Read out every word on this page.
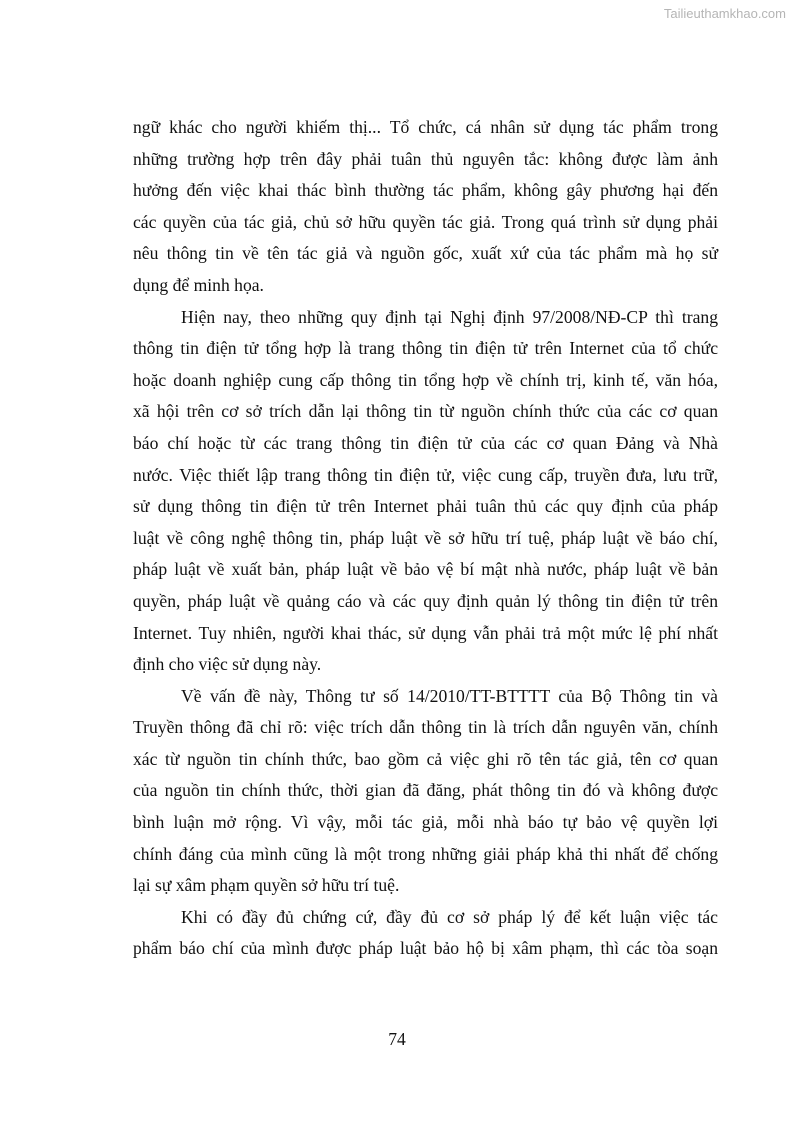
Tailieuthamkhao.com

ngữ khác cho người khiếm thị... Tổ chức, cá nhân sử dụng tác phẩm trong
những trường hợp trên đây phải tuân thủ nguyên tắc: không được làm ảnh
hưởng đến việc khai thác bình thường tác phẩm, không gây phương hại đến
các quyền của tác giả, chủ sở hữu quyền tác giả. Trong quá trình sử dụng phải
nêu thông tin về tên tác giả và nguồn gốc, xuất xứ của tác phẩm mà họ sử
dụng để minh họa.

Hiện nay, theo những quy định tại Nghị định 97/2008/NĐ-CP thì trang
thông tin điện tử tổng hợp là trang thông tin điện tử trên Internet của tổ chức
hoặc doanh nghiệp cung cấp thông tin tổng hợp về chính trị, kinh tế, văn hóa,
xã hội trên cơ sở trích dẫn lại thông tin từ nguồn chính thức của các cơ quan
báo chí hoặc từ các trang thông tin điện tử của các cơ quan Đảng và Nhà
nước. Việc thiết lập trang thông tin điện tử, việc cung cấp, truyền đưa, lưu trữ,
sử dụng thông tin điện tử trên Internet phải tuân thủ các quy định của pháp
luật về công nghệ thông tin, pháp luật về sở hữu trí tuệ, pháp luật về báo chí,
pháp luật về xuất bản, pháp luật về bảo vệ bí mật nhà nước, pháp luật về bản
quyền, pháp luật về quảng cáo và các quy định quản lý thông tin điện tử trên
Internet. Tuy nhiên, người khai thác, sử dụng vẫn phải trả một mức lệ phí nhất
định cho việc sử dụng này.

Về vấn đề này, Thông tư số 14/2010/TT-BTTTT của Bộ Thông tin và
Truyền thông đã chỉ rõ: việc trích dẫn thông tin là trích dẫn nguyên văn, chính
xác từ nguồn tin chính thức, bao gồm cả việc ghi rõ tên tác giả, tên cơ quan
của nguồn tin chính thức, thời gian đã đăng, phát thông tin đó và không được
bình luận mở rộng. Vì vậy, mỗi tác giả, mỗi nhà báo tự bảo vệ quyền lợi
chính đáng của mình cũng là một trong những giải pháp khả thi nhất để chống
lại sự xâm phạm quyền sở hữu trí tuệ.

Khi có đầy đủ chứng cứ, đầy đủ cơ sở pháp lý để kết luận việc tác
phẩm báo chí của mình được pháp luật bảo hộ bị xâm phạm, thì các tòa soạn

74
